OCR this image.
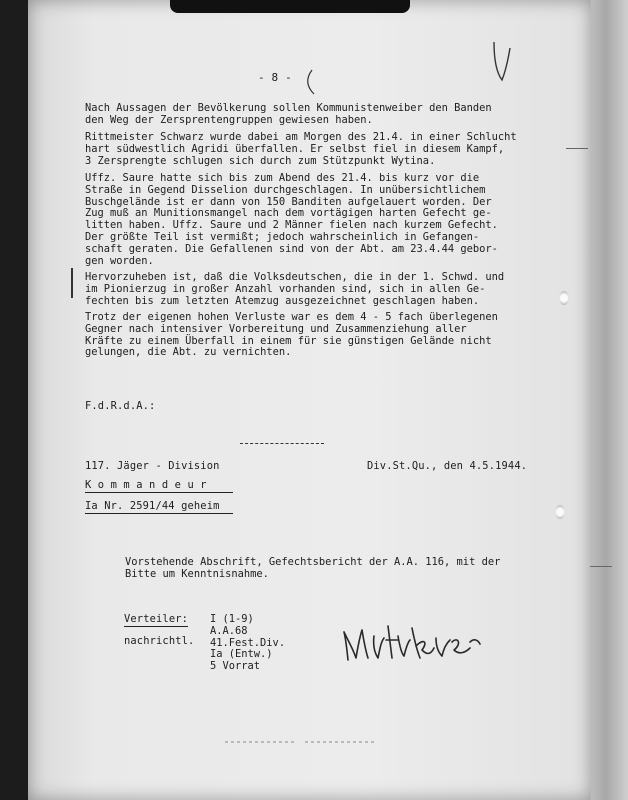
- 8 -
Nach Aussagen der Bevölkerung sollen Kommunistenweiber den Banden
den Weg der Zersprentengruppen gewiesen haben.
Rittmeister Schwarz wurde dabei am Morgen des 21.4. in einer Schlucht
hart südwestlich Agridi überfallen. Er selbst fiel in diesem Kampf,
3 Zersprengte schlugen sich durch zum Stützpunkt Wytina.
Uffz. Saure hatte sich bis zum Abend des 21.4. bis kurz vor die
Straße in Gegend Disselion durchgeschlagen. In unübersichtlichem
Buschgelände ist er dann von 150 Banditen aufgelauert worden. Der
Zug muß an Munitionsmangel nach dem vortägigen harten Gefecht ge-
litten haben. Uffz. Saure und 2 Männer fielen nach kurzem Gefecht.
Der größte Teil ist vermißt; jedoch wahrscheinlich in Gefangen-
schaft geraten. Die Gefallenen sind von der Abt. am 23.4.44 gebor-
gen worden.
Hervorzuheben ist, daß die Volksdeutschen, die in der 1. Schwd. und
im Pionierzug in großer Anzahl vorhanden sind, sich in allen Ge-
fechten bis zum letzten Atemzug ausgezeichnet geschlagen haben.
Trotz der eigenen hohen Verluste war es dem 4 - 5 fach überlegenen
Gegner nach intensiver Vorbereitung und Zusammenziehung aller
Kräfte zu einem Überfall in einem für sie günstigen Gelände nicht
gelungen, die Abt. zu vernichten.
F.d.R.d.A.:
117. Jäger - Division	Div.St.Qu., den 4.5.1944.
K o m m a n d e u r
Ia Nr. 2591/44 geheim
Vorstehende Abschrift, Gefechtsbericht der A.A. 116, mit der
Bitte um Kenntnisnahme.
Verteiler:
nachrichtl.
I (1-9)
A.A.68
41.Fest.Div.
Ia (Entw.)
5 Vorrat
